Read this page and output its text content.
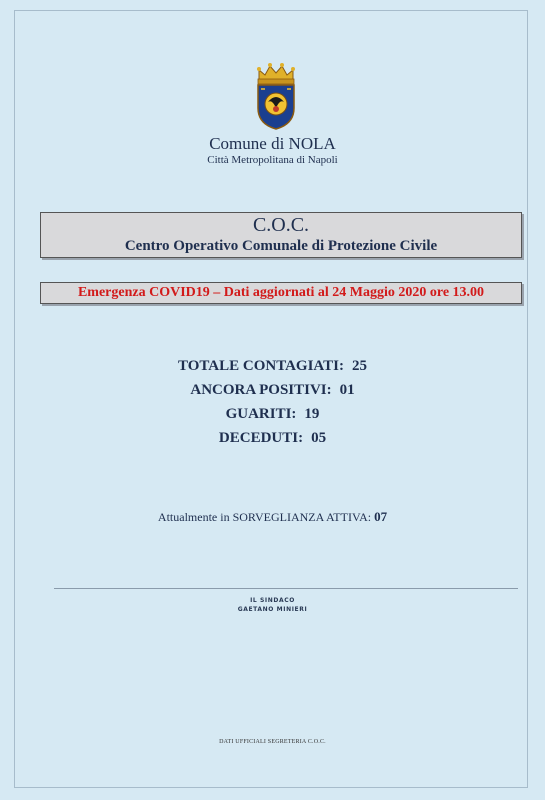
Comune di NOLA
Città Metropolitana di Napoli
C.O.C.
Centro Operativo Comunale di Protezione Civile
Emergenza COVID19 – Dati aggiornati al 24 Maggio 2020 ore 13.00
TOTALE CONTAGIATI: 25
ANCORA POSITIVI: 01
GUARITI: 19
DECEDUTI: 05
Attualmente in SORVEGLIANZA ATTIVA: 07
IL SINDACO
GAETANO MINIERI
DATI UFFICIALI SEGRETERIA C.O.C.
